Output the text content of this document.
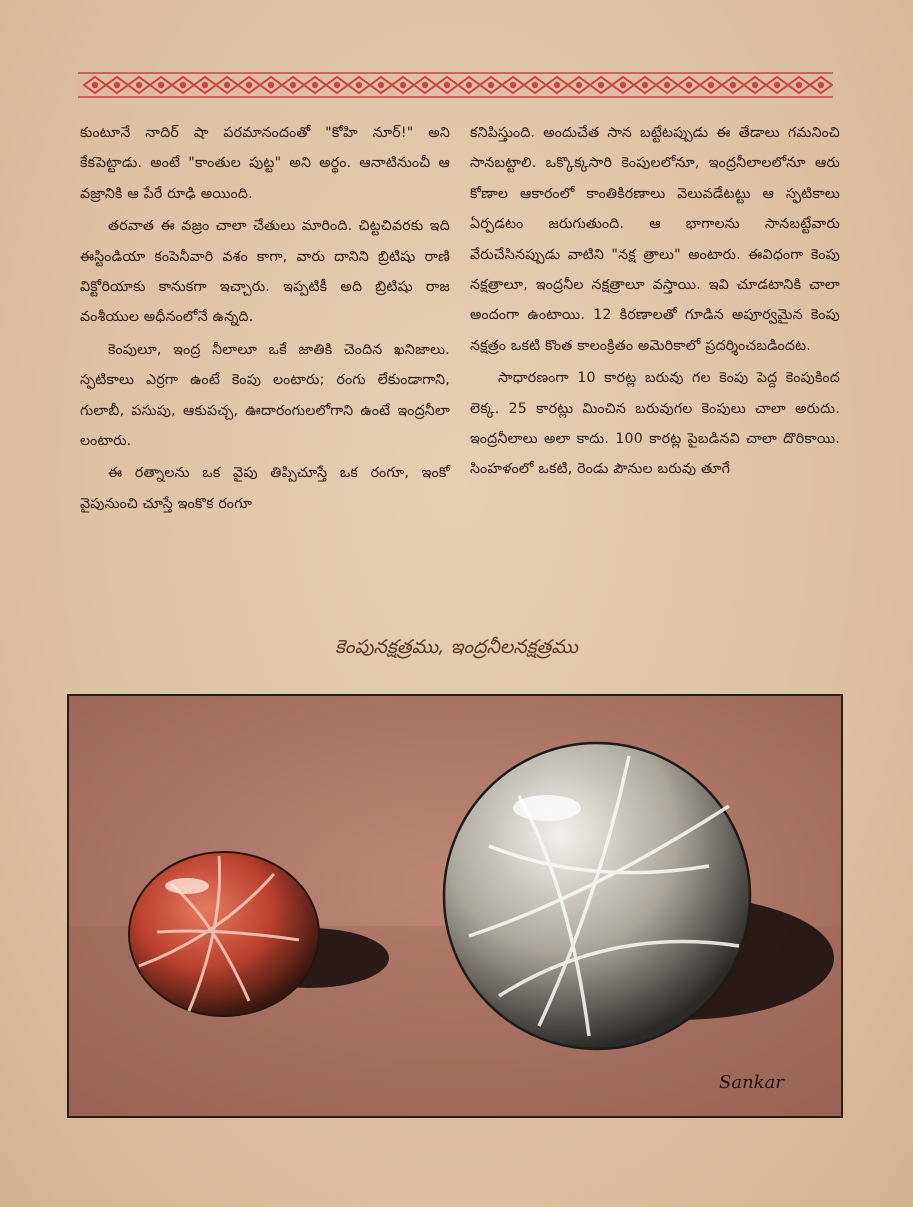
కుంటూనే నాదిర్ షా పరమానందంతో "కోహి నూర్!" అని కేకపెట్టాడు. అంటే "కాంతుల పుట్ట" అని అర్థం. ఆనాటినుంచీ ఆ వజ్రానికి ఆ పేరే రూఢి అయింది.

తరవాత ఈ వజ్రం చాలా చేతులు మారింది. చిట్టచివరకు ఇది ఈస్టిండియా కంపెనీవారి వశం కాగా, వారు దానిని బ్రిటిషు రాణి విక్టోరియాకు కానుకగా ఇచ్చారు. ఇప్పటికీ అది బ్రిటిషు రాజ వంశీయుల అధీనంలోనే ఉన్నది.

కెంపులూ, ఇంద్ర నీలాలూ ఒకే జాతికి చెందిన ఖనిజాలు. స్ఫటికాలు ఎర్రగా ఉంటే కెంపు లంటారు; రంగు లేకుండాగాని, గులాబీ, పసుపు, ఆకుపచ్చ, ఊదారంగులలోగాని ఉంటే ఇంద్రనీలా లంటారు.

ఈ రత్నాలను ఒక వైపు తిప్పిచూస్తే ఒక రంగూ, ఇంకో వైపునుంచి చూస్తే ఇంకొక రంగూ

కనిపిస్తుంది. అందుచేత సాన బట్టేటప్పుడు ఈ తేడాలు గమనించి సానబట్టాలి. ఒక్కొక్కసారి కెంపులలోనూ, ఇంద్రనీలాలలోనూ ఆరు కోణాల ఆకారంలో కాంతికిరణాలు వెలువడేటట్టు ఆ స్ఫటికాలు ఏర్పడటం జరుగుతుంది. ఆ భాగాలను సానబట్టేవారు వేరుచేసినప్పుడు వాటిని "నక్ష త్రాలు" అంటారు. ఈవిధంగా కెంపు నక్షత్రాలూ, ఇంద్రనీల నక్షత్రాలూ వస్తాయి. ఇవి చూడటానికి చాలా అందంగా ఉంటాయి. 12 కిరణాలతో గూడిన అపూర్వమైన కెంపు నక్షత్రం ఒకటి కొంత కాలంక్రితం అమెరికాలో ప్రదర్శించబడిందట.

సాధారణంగా 10 కారట్ల బరువు గల కెంపు పెద్ద కెంపుకింద లెక్క. 25 కారట్లు మించిన బరువుగల కెంపులు చాలా అరుదు. ఇంద్రనీలాలు అలా కాదు. 100 కారట్ల పైబడినవి చాలా దొరికాయి. సింహళంలో ఒకటి, రెండు పౌనుల బరువు తూగే

కెంపునక్షత్రము, ఇంద్రనీలనక్షత్రము
Sankar
